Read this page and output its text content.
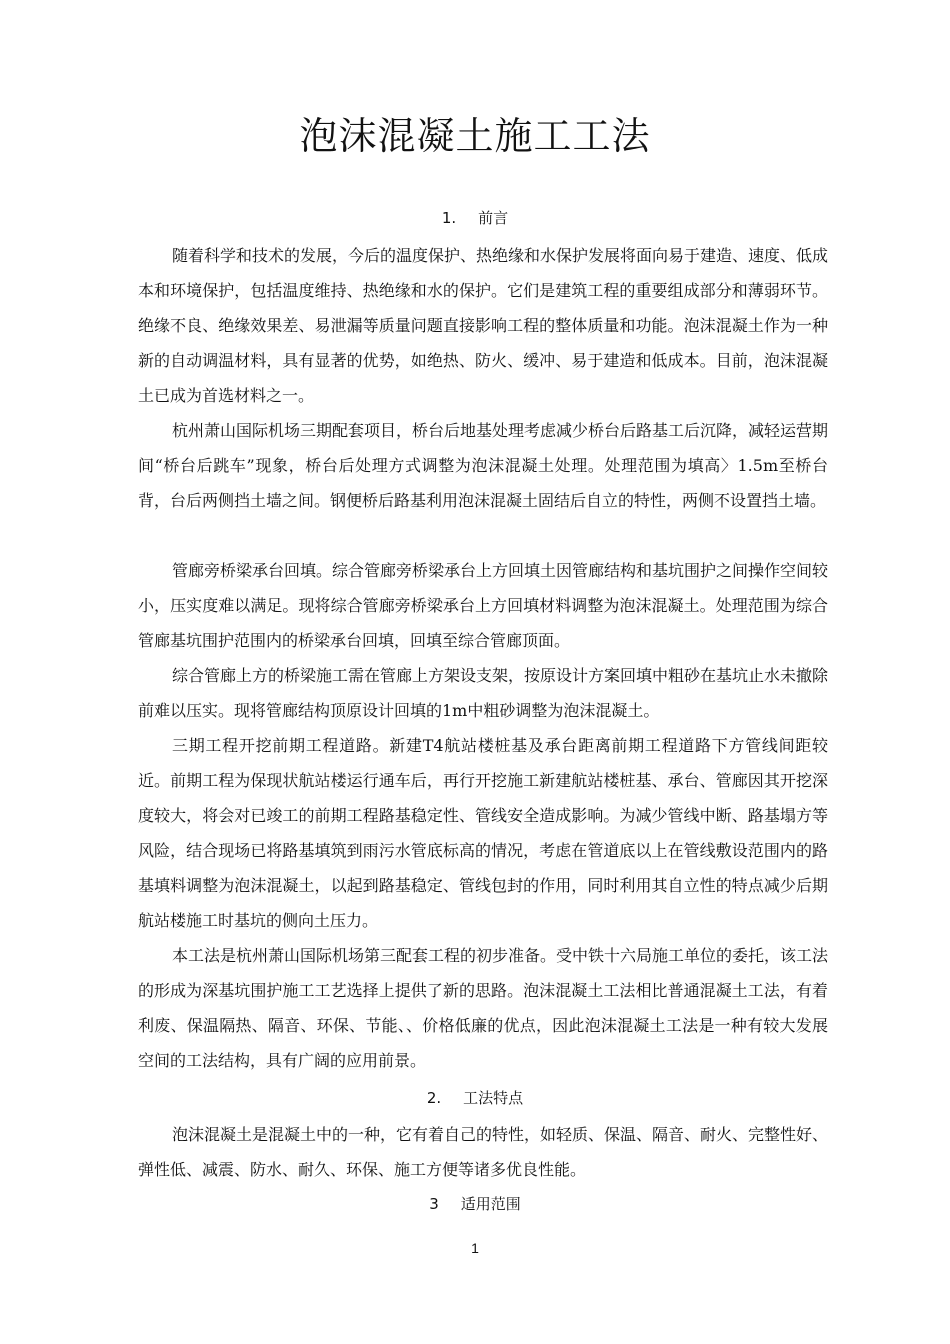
泡沫混凝土施工工法
1. 前言

随着科学和技术的发展，今后的温度保护、热绝缘和水保护发展将面向易于建造、速度、低成本和环境保护，包括温度维持、热绝缘和水的保护。它们是建筑工程的重要组成部分和薄弱环节。绝缘不良、绝缘效果差、易泄漏等质量问题直接影响工程的整体质量和功能。泡沫混凝土作为一种新的自动调温材料，具有显著的优势，如绝热、防火、缓冲、易于建造和低成本。目前，泡沫混凝土已成为首选材料之一。

杭州萧山国际机场三期配套项目，桥台后地基处理考虑减少桥台后路基工后沉降，减轻运营期间“桥台后跳车”现象，桥台后处理方式调整为泡沫混凝土处理。处理范围为填高〉1.5m至桥台背，台后两侧挡土墙之间。钢便桥后路基利用泡沫混凝土固结后自立的特性，两侧不设置挡土墙。

管廊旁桥梁承台回填。综合管廊旁桥梁承台上方回填土因管廊结构和基坑围护之间操作空间较小，压实度难以满足。现将综合管廊旁桥梁承台上方回填材料调整为泡沫混凝土。处理范围为综合管廊基坑围护范围内的桥梁承台回填，回填至综合管廊顶面。

综合管廊上方的桥梁施工需在管廊上方架设支架，按原设计方案回填中粗砂在基坑止水未撤除前难以压实。现将管廊结构顶原设计回填的1m中粗砂调整为泡沫混凝土。

三期工程开挖前期工程道路。新建T4航站楼桩基及承台距离前期工程道路下方管线间距较近。前期工程为保现状航站楼运行通车后，再行开挖施工新建航站楼桩基、承台、管廊因其开挖深度较大，将会对已竣工的前期工程路基稳定性、管线安全造成影响。为减少管线中断、路基塌方等风险，结合现场已将路基填筑到雨污水管底标高的情况，考虑在管道底以上在管线敷设范围内的路基填料调整为泡沫混凝土，以起到路基稳定、管线包封的作用，同时利用其自立性的特点减少后期航站楼施工时基坑的侧向土压力。

本工法是杭州萧山国际机场第三配套工程的初步准备。受中铁十六局施工单位的委托，该工法的形成为深基坑围护施工工艺选择上提供了新的思路。泡沫混凝土工法相比普通混凝土工法，有着利废、保温隔热、隔音、环保、节能、、价格低廉的优点，因此泡沫混凝土工法是一种有较大发展空间的工法结构，具有广阔的应用前景。

2. 工法特点

泡沫混凝土是混凝土中的一种，它有着自己的特性，如轻质、保温、隔音、耐火、完整性好、弹性低、减震、防水、耐久、环保、施工方便等诸多优良性能。

3 适用范围
1
